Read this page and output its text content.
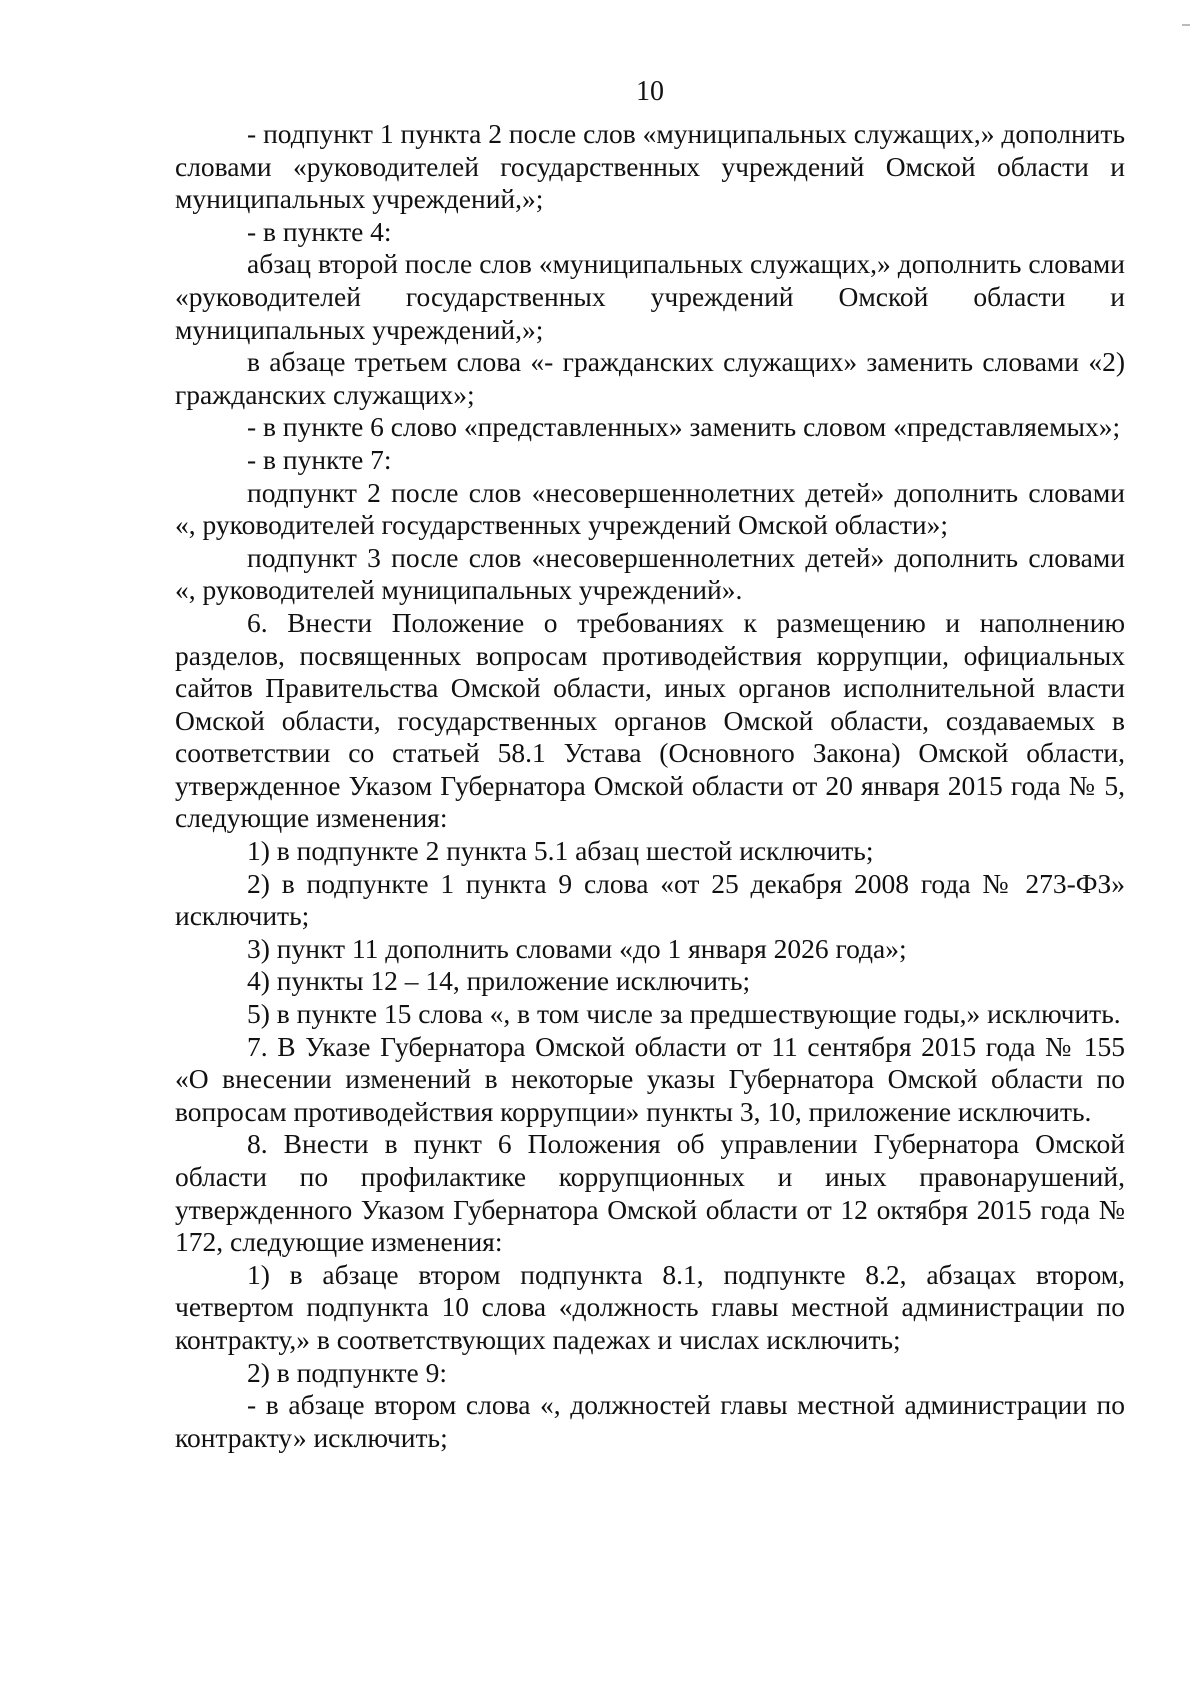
10

- подпункт 1 пункта 2 после слов «муниципальных служащих,» дополнить словами «руководителей государственных учреждений Омской области и муниципальных учреждений,»;

- в пункте 4:

абзац второй после слов «муниципальных служащих,» дополнить словами «руководителей государственных учреждений Омской области и муниципальных учреждений,»;

в абзаце третьем слова «- гражданских служащих» заменить словами «2) гражданских служащих»;

- в пункте 6 слово «представленных» заменить словом «представляемых»;

- в пункте 7:

подпункт 2 после слов «несовершеннолетних детей» дополнить словами «, руководителей государственных учреждений Омской области»;

подпункт 3 после слов «несовершеннолетних детей» дополнить словами «, руководителей муниципальных учреждений».

6. Внести Положение о требованиях к размещению и наполнению разделов, посвященных вопросам противодействия коррупции, официальных сайтов Правительства Омской области, иных органов исполнительной власти Омской области, государственных органов Омской области, создаваемых в соответствии со статьей 58.1 Устава (Основного Закона) Омской области, утвержденное Указом Губернатора Омской области от 20 января 2015 года № 5, следующие изменения:

1) в подпункте 2 пункта 5.1 абзац шестой исключить;

2) в подпункте 1 пункта 9 слова «от 25 декабря 2008 года № 273-ФЗ» исключить;

3) пункт 11 дополнить словами «до 1 января 2026 года»;

4) пункты 12 – 14, приложение исключить;

5) в пункте 15 слова «, в том числе за предшествующие годы,» исключить.

7. В Указе Губернатора Омской области от 11 сентября 2015 года № 155 «О внесении изменений в некоторые указы Губернатора Омской области по вопросам противодействия коррупции» пункты 3, 10, приложение исключить.

8. Внести в пункт 6 Положения об управлении Губернатора Омской области по профилактике коррупционных и иных правонарушений, утвержденного Указом Губернатора Омской области от 12 октября 2015 года № 172, следующие изменения:

1) в абзаце втором подпункта 8.1, подпункте 8.2, абзацах втором, четвертом подпункта 10 слова «должность главы местной администрации по контракту,» в соответствующих падежах и числах исключить;

2) в подпункте 9:

- в абзаце втором слова «, должностей главы местной администрации по контракту» исключить;
